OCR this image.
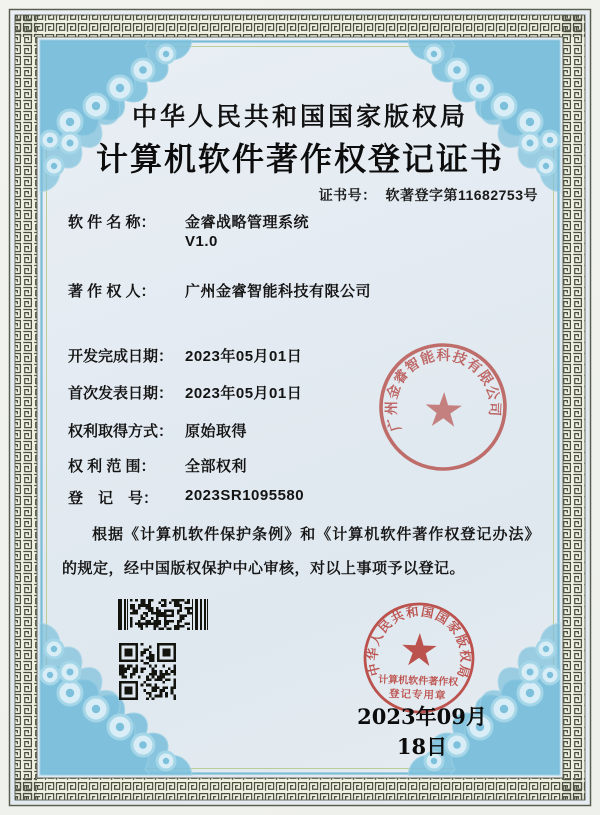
中华人民共和国国家版权局
计算机软件著作权登记证书
证书号： 软著登字第11682753号
软 件 名 称：	金睿战略管理系统
V1.0
著 作 权 人：	广州金睿智能科技有限公司
开发完成日期： 2023年05月01日
首次发表日期： 2023年05月01日
权利取得方式： 原始取得
权 利 范 围：	全部权利
登　记　号：	2023SR1095580
根据《计算机软件保护条例》和《计算机软件著作权登记办法》的规定，经中国版权保护中心审核，对以上事项予以登记。
广州金睿智能科技有限公司
中华人民共和国国家版权局
计算机软件著作权
登记专用章
2023年09月18日
